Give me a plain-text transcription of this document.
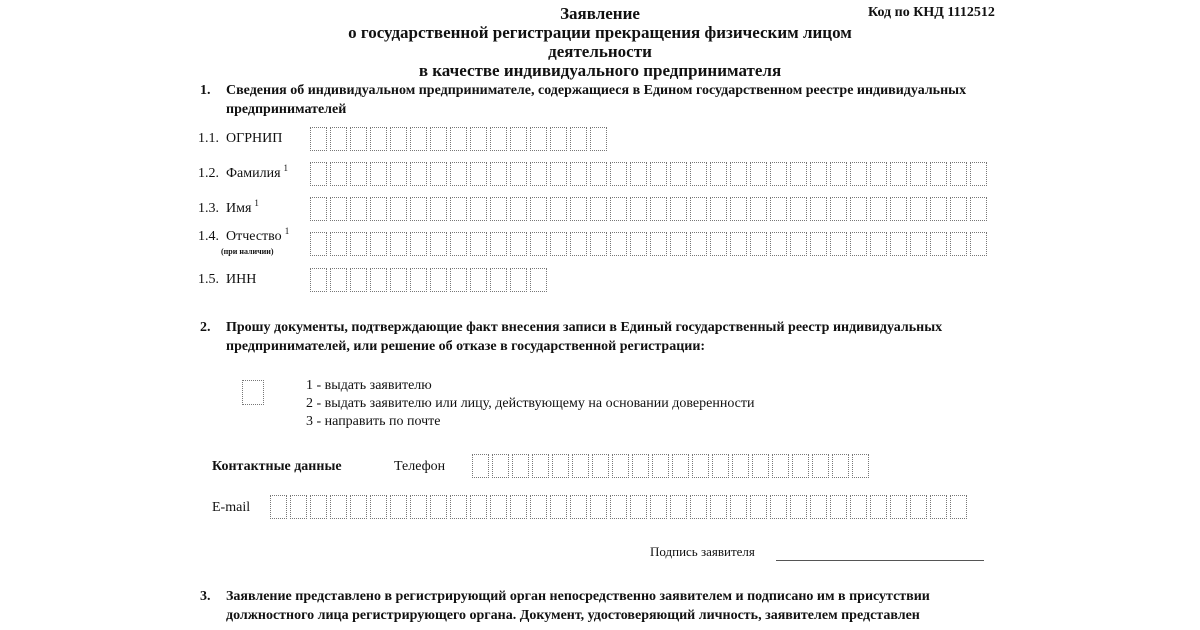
Заявление
о государственной регистрации прекращения физическим лицом деятельности
в качестве индивидуального предпринимателя
Код по КНД 1112512
1. Сведения об индивидуальном предпринимателе, содержащиеся в Едином государственном реестре индивидуальных
предпринимателей
1.1. ОГРНИП
1.2. Фамилия $^1$
1.3. Имя $^1$
1.4. Отчество $^1$
(при наличии)
1.5. ИНН
2. Прошу документы, подтверждающие факт внесения записи в Единый государственный реестр индивидуальных
предпринимателей, или решение об отказе в государственной регистрации:
1 - выдать заявителю
2 - выдать заявителю или лицу, действующему на основании доверенности
3 - направить по почте
Контактные данные	Телефон
E-mail
Подпись заявителя
3. Заявление представлено в регистрирующий орган непосредственно заявителем и подписано им в присутствии
должностного лица регистрирующего органа. Документ, удостоверяющий личность, заявителем представлен
